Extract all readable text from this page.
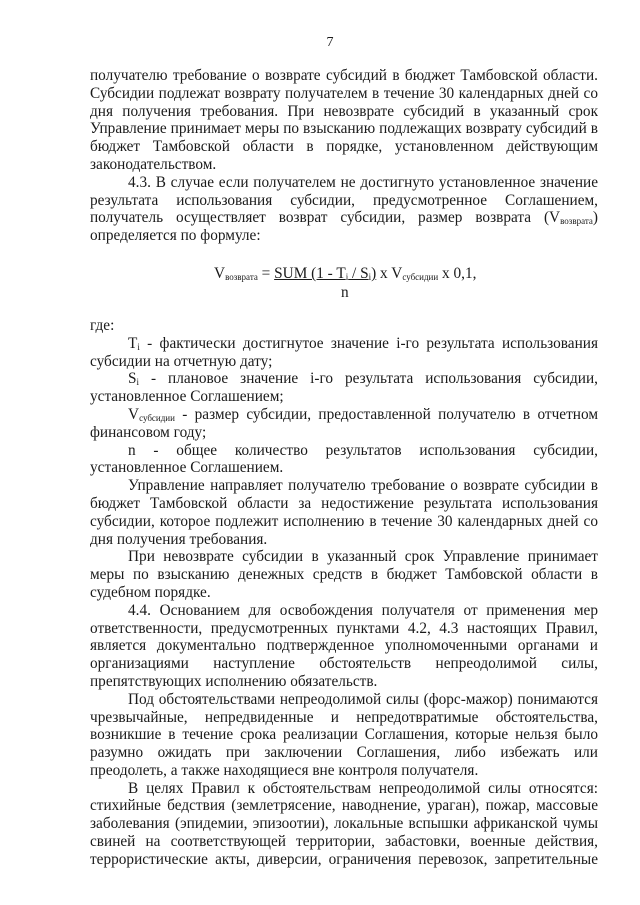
7
получателю требование о возврате субсидий в бюджет Тамбовской области.
Субсидии подлежат возврату получателем в течение 30 календарных дней со
дня получения требования. При невозврате субсидий в указанный срок
Управление принимает меры по взысканию подлежащих возврату субсидий в
бюджет Тамбовской области в порядке, установленном действующим
законодательством.
4.3. В случае если получателем не достигнуто установленное значение
результата использования субсидии, предусмотренное Соглашением,
получатель осуществляет возврат субсидии, размер возврата $(V_{возврата})$
определяется по формуле:
$V_{возврата}$ = SUM $(1 - T_i / S_i)$ x $V_{субсидии}$ x 0,1,
n
где:
$T_i$ - фактически достигнутое значение i-го результата использования
субсидии на отчетную дату;
$S_i$ - плановое значение i-го результата использования субсидии,
установленное Соглашением;
$V_{субсидии}$ - размер субсидии, предоставленной получателю в отчетном
финансовом году;
n - общее количество результатов использования субсидии,
установленное Соглашением.
Управление направляет получателю требование о возврате субсидии в
бюджет Тамбовской области за недостижение результата использования
субсидии, которое подлежит исполнению в течение 30 календарных дней со
дня получения требования.
При невозврате субсидии в указанный срок Управление принимает
меры по взысканию денежных средств в бюджет Тамбовской области в
судебном порядке.
4.4. Основанием для освобождения получателя от применения мер
ответственности, предусмотренных пунктами 4.2, 4.3 настоящих Правил,
является документально подтвержденное уполномоченными органами и
организациями наступление обстоятельств непреодолимой силы,
препятствующих исполнению обязательств.
Под обстоятельствами непреодолимой силы (форс-мажор) понимаются
чрезвычайные, непредвиденные и непредотвратимые обстоятельства,
возникшие в течение срока реализации Соглашения, которые нельзя было
разумно ожидать при заключении Соглашения, либо избежать или
преодолеть, а также находящиеся вне контроля получателя.
В целях Правил к обстоятельствам непреодолимой силы относятся:
стихийные бедствия (землетрясение, наводнение, ураган), пожар, массовые
заболевания (эпидемии, эпизоотии), локальные вспышки африканской чумы
свиней на соответствующей территории, забастовки, военные действия,
террористические акты, диверсии, ограничения перевозок, запретительные
